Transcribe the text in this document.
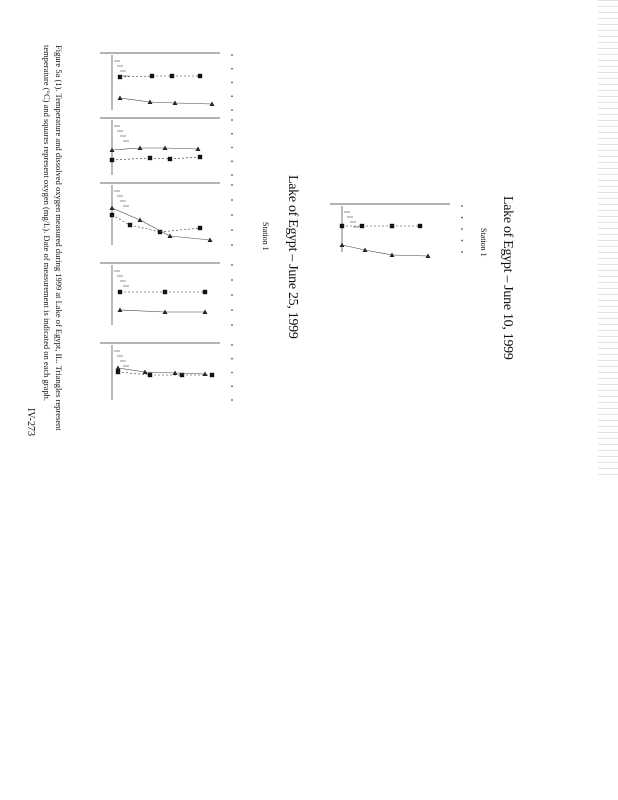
Lake of Egypt – June 10, 1999
Station 1
Lake of Egypt – June 25, 1999
Station 1
Figure 5a (1). Temperature and dissolved oxygen measured during 1999 at Lake of Egypt, IL. Triangles represent
temperature (°C) and squares represent oxygen (mg/L). Date of measurement is indicated on each graph.
IV-273
